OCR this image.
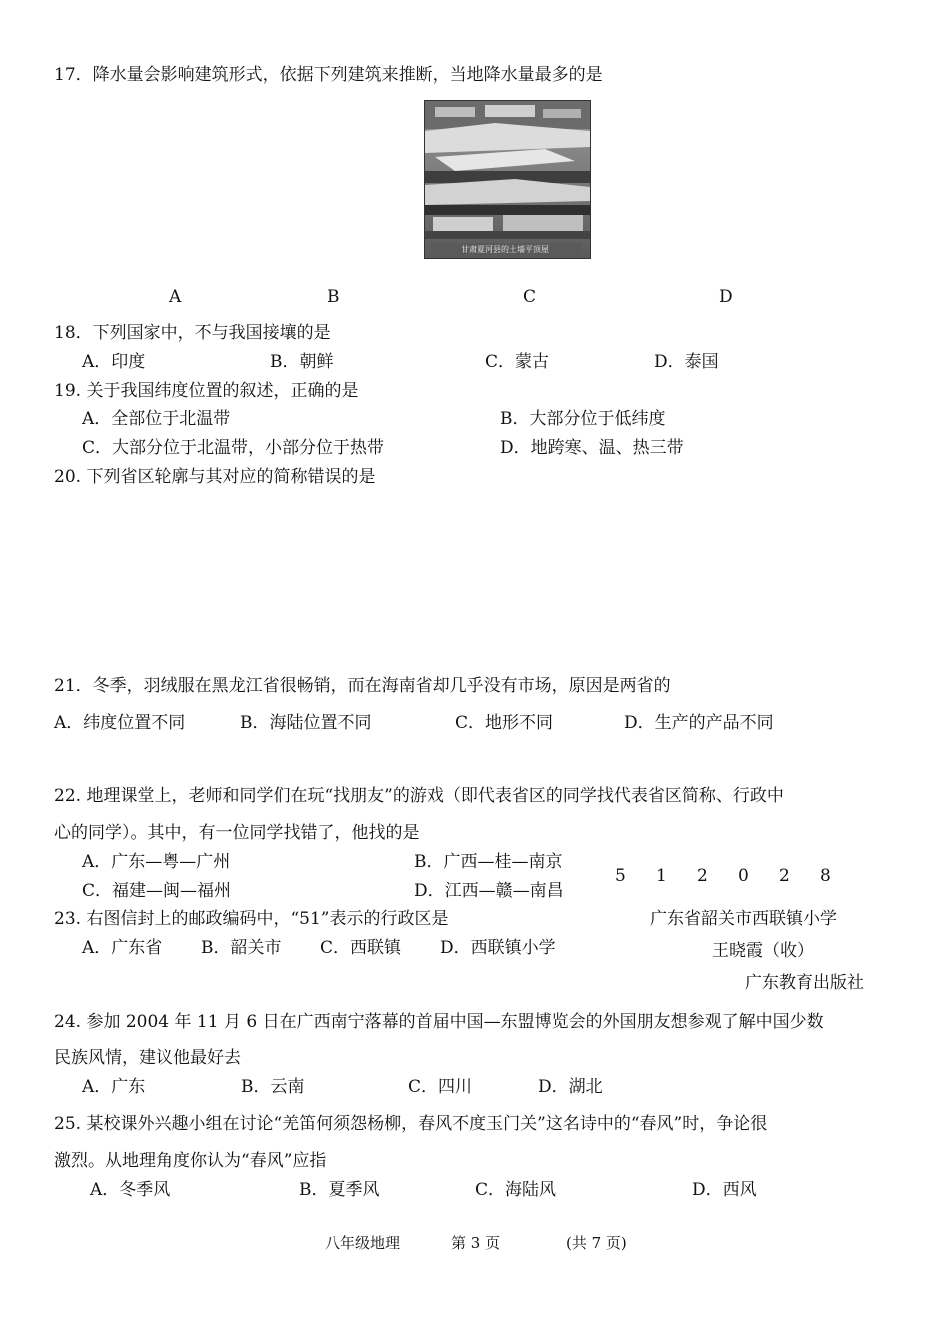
17．降水量会影响建筑形式，依据下列建筑来推断，当地降水量最多的是
甘肃夏河县的土墙平顶屋
A	B	C	D
18．下列国家中，不与我国接壤的是
A．印度	B．朝鲜	C．蒙古	D．泰国
19. 关于我国纬度位置的叙述，正确的是
A．全部位于北温带	B．大部分位于低纬度
C．大部分位于北温带，小部分位于热带	D．地跨寒、温、热三带
20. 下列省区轮廓与其对应的简称错误的是
21．冬季，羽绒服在黑龙江省很畅销，而在海南省却几乎没有市场，原因是两省的
A．纬度位置不同	B．海陆位置不同	C．地形不同	D．生产的产品不同
22. 地理课堂上，老师和同学们在玩“找朋友”的游戏（即代表省区的同学找代表省区简称、行政中
心的同学）。其中，有一位同学找错了，他找的是
A．广东—粤—广州	B．广西—桂—南京
C．福建—闽—福州	D．江西—赣—南昌
5 1 2 0 2 8
广东省韶关市西联镇小学
王晓霞（收）
广东教育出版社
23. 右图信封上的邮政编码中，“51”表示的行政区是
A．广东省 B．韶关市 C．西联镇 D．西联镇小学
24. 参加 2004 年 11 月 6 日在广西南宁落幕的首届中国—东盟博览会的外国朋友想参观了解中国少数
民族风情，建议他最好去
A．广东	B．云南	C．四川	D．湖北
25. 某校课外兴趣小组在讨论“羌笛何须怨杨柳，春风不度玉门关”这名诗中的“春风”时，争论很
激烈。从地理角度你认为“春风”应指
A．冬季风	B．夏季风	C．海陆风	D．西风
八年级地理	第 3 页	(共 7 页)
